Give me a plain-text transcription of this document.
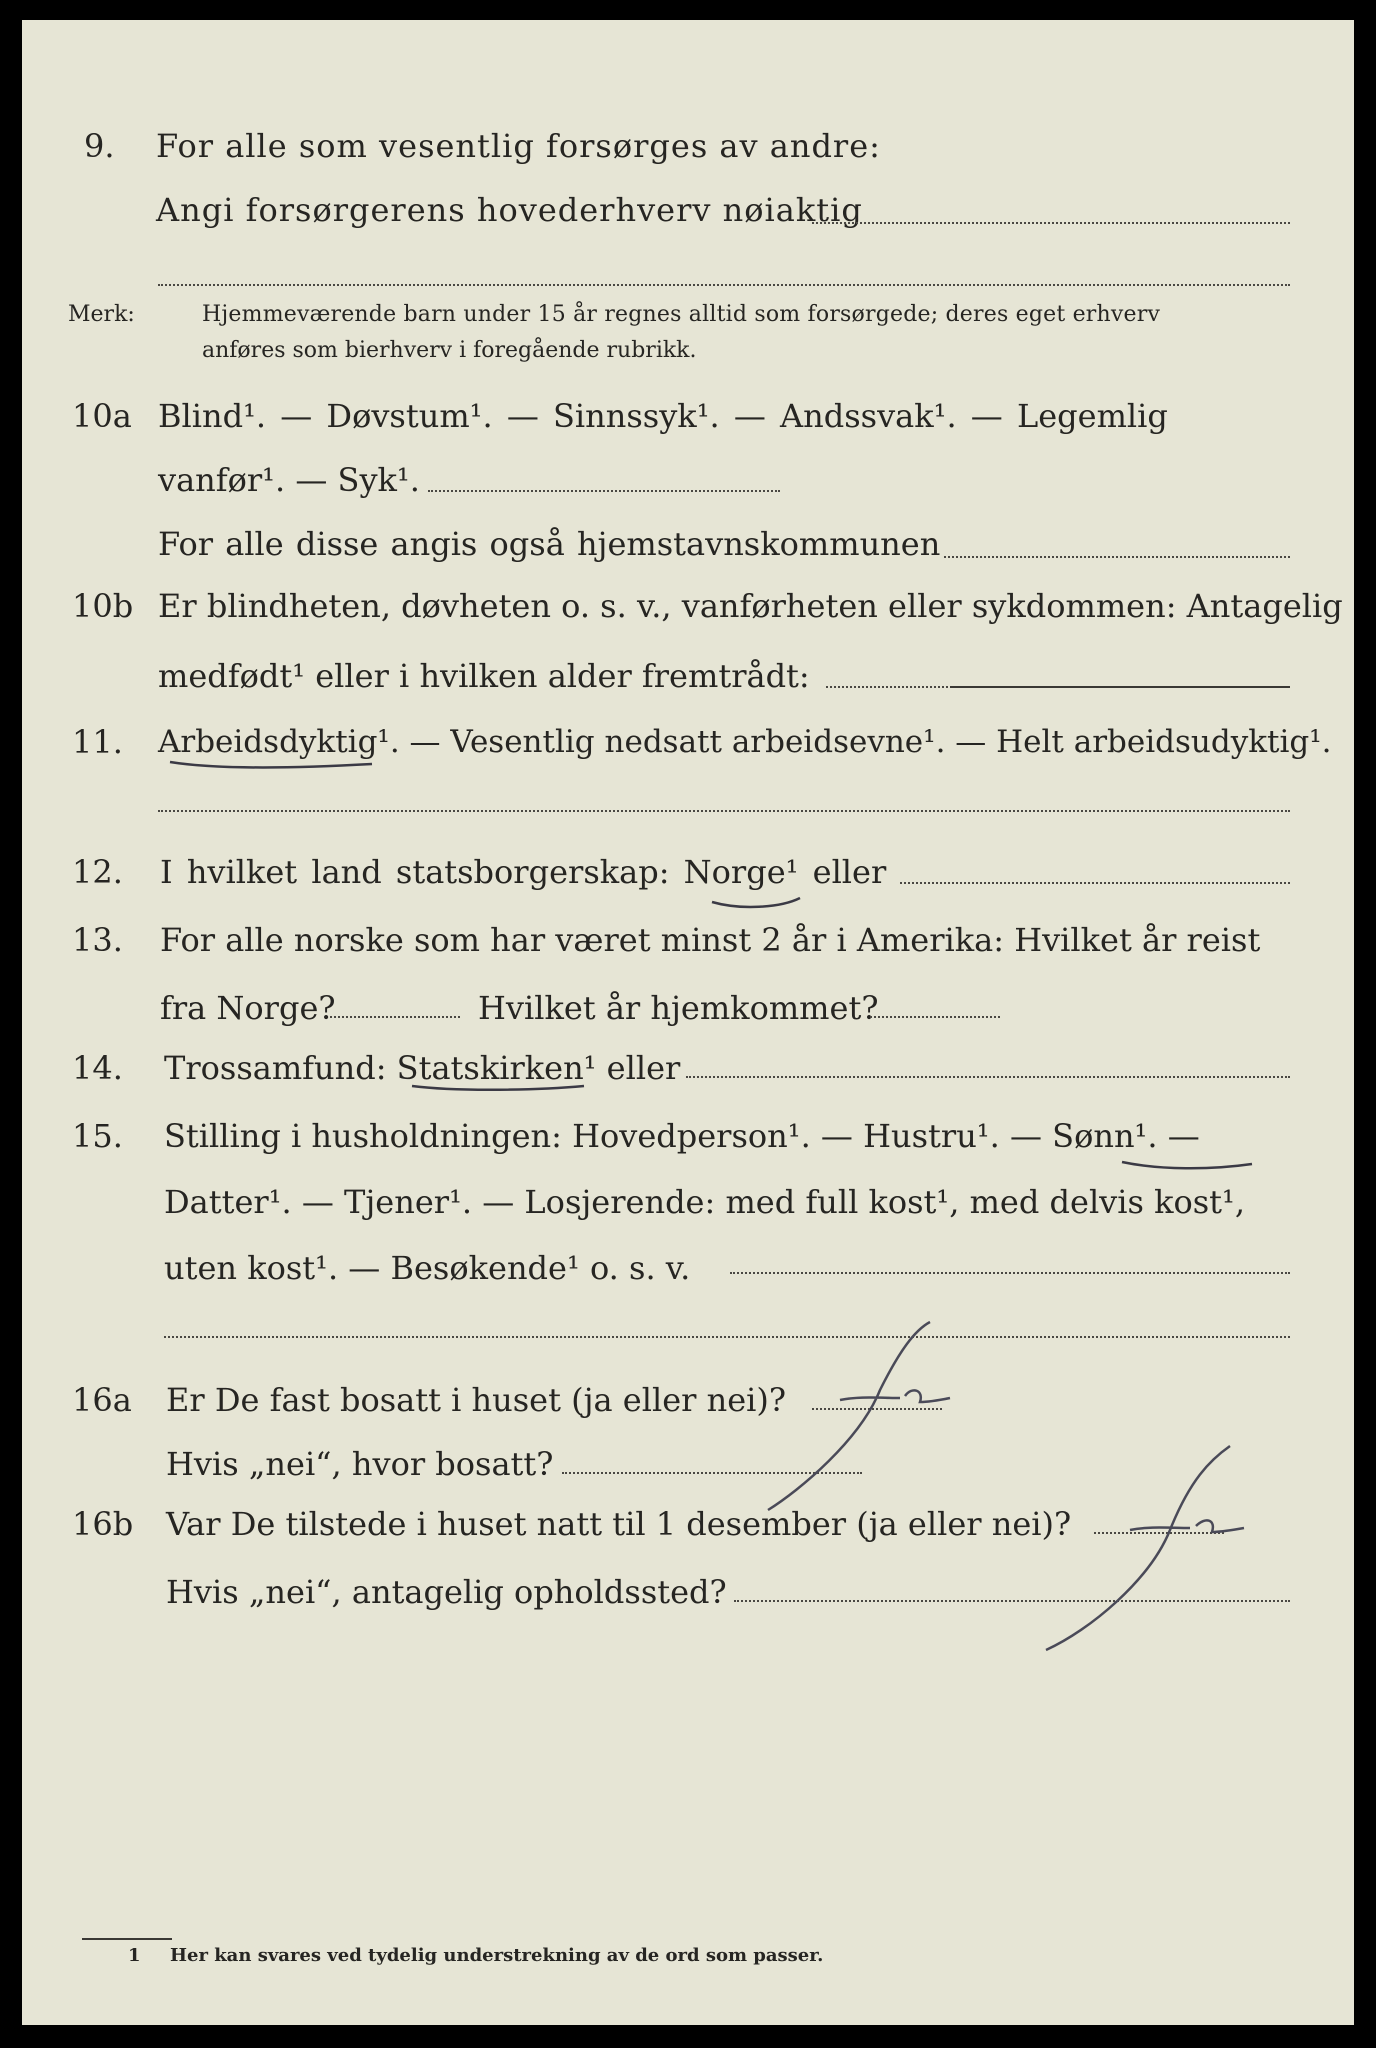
9. For alle som vesentlig forsørges av andre:
Angi forsørgerens hovederhverv nøiaktig
Merk:	Hjemmeværende barn under 15 år regnes alltid som forsørgede; deres eget erhverv
anføres som bierhverv i foregående rubrikk.
10a Blind¹. — Døvstum¹. — Sinnssyk¹. — Andssvak¹. — Legemlig
vanfør¹. — Syk¹.
For alle disse angis også hjemstavnskommunen
10b Er blindheten, døvheten o. s. v., vanførheten eller sykdommen: Antagelig
medfødt¹ eller i hvilken alder fremtrådt:
11. Arbeidsdyktig¹. — Vesentlig nedsatt arbeidsevne¹. — Helt arbeidsudyktig¹.
12. I hvilket land statsborgerskap: Norge¹ eller
13. For alle norske som har været minst 2 år i Amerika: Hvilket år reist
fra Norge?	Hvilket år hjemkommet?
14. Trossamfund: Statskirken¹ eller
15. Stilling i husholdningen: Hovedperson¹. — Hustru¹. — Sønn¹. —
Datter¹. — Tjener¹. — Losjerende: med full kost¹, med delvis kost¹,
uten kost¹. — Besøkende¹ o. s. v.
16a Er De fast bosatt i huset (ja eller nei)?
Hvis „nei“, hvor bosatt?
16b Var De tilstede i huset natt til 1 desember (ja eller nei)?
Hvis „nei“, antagelig opholdssted?
1 Her kan svares ved tydelig understrekning av de ord som passer.
